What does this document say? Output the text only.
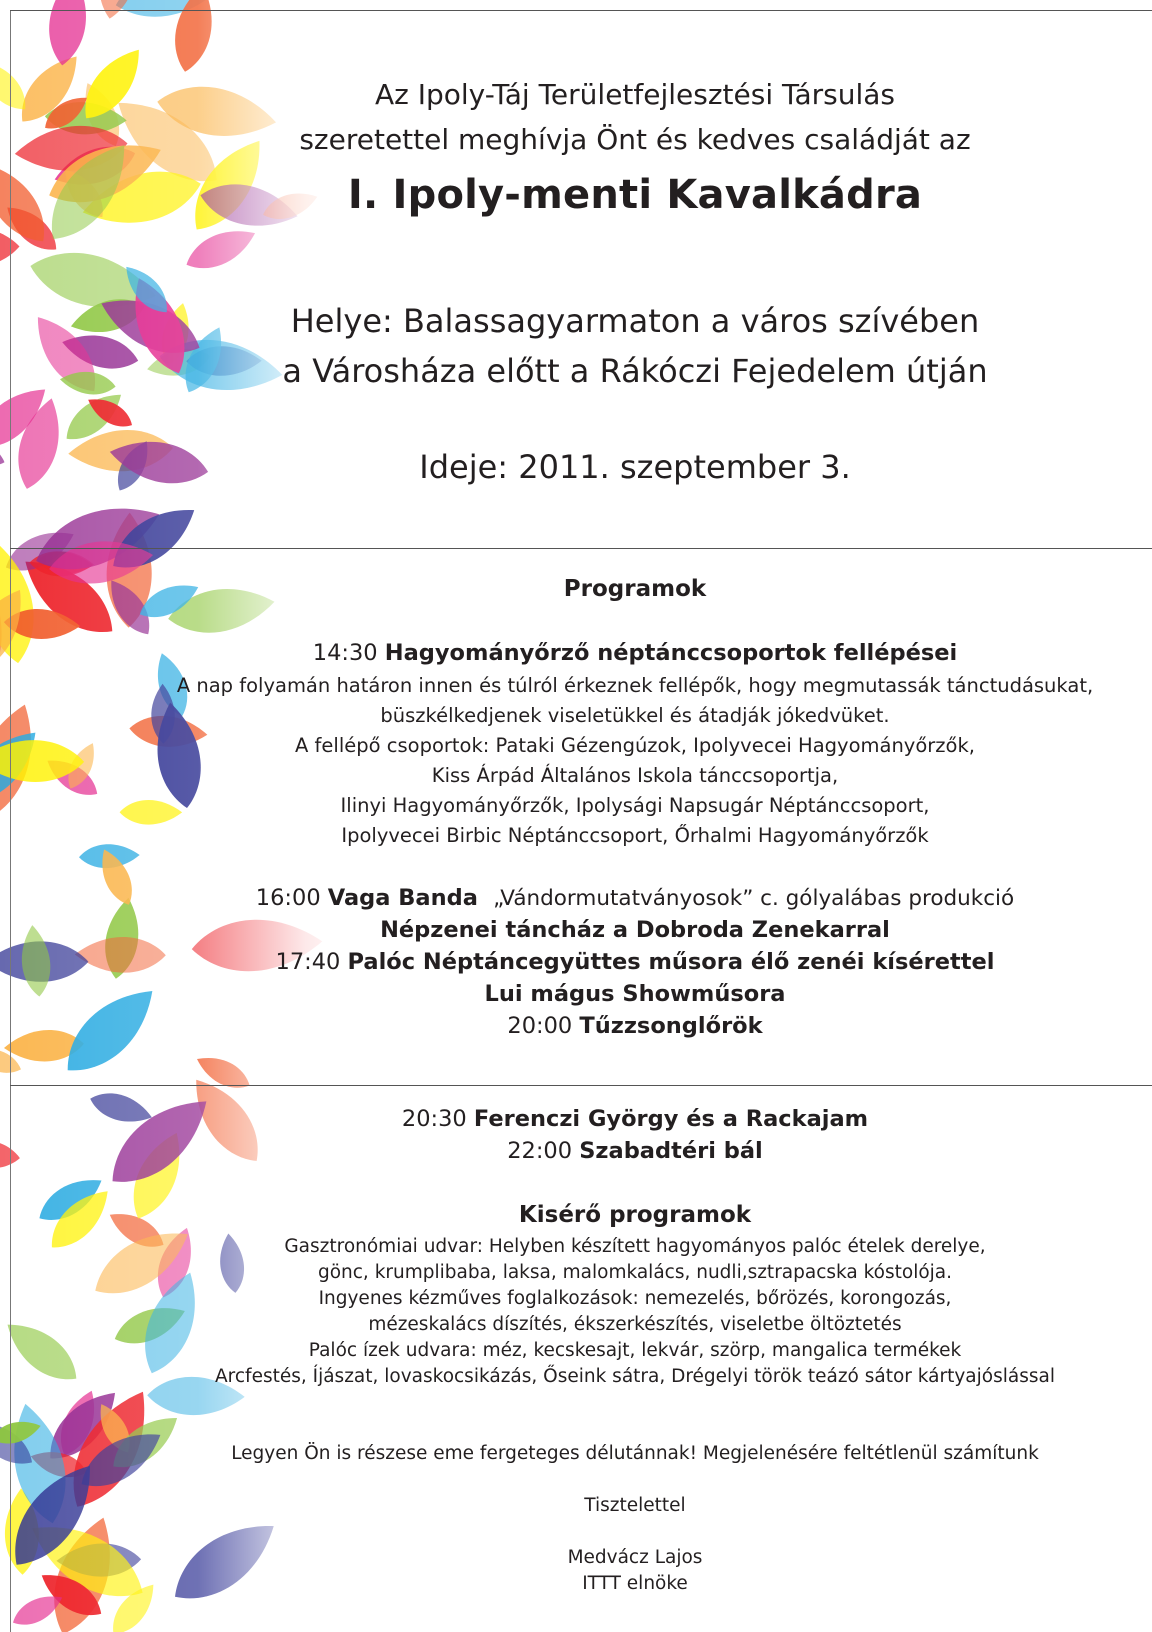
Az Ipoly-Táj Területfejlesztési Társulás
szeretettel meghívja Önt és kedves családját az
I. Ipoly-menti Kavalkádra
Helye: Balassagyarmaton a város szívében
a Városháza előtt a Rákóczi Fejedelem útján
Ideje: 2011. szeptember 3.
Programok
14:30 Hagyományőrző néptánccsoportok fellépései
A nap folyamán határon innen és túlról érkeznek fellépők, hogy megmutassák tánctudásukat,
büszkélkedjenek viseletükkel és átadják jókedvüket.
A fellépő csoportok: Pataki Gézengúzok, Ipolyvecei Hagyományőrzők,
Kiss Árpád Általános Iskola tánccsoportja,
Ilinyi Hagyományőrzők, Ipolysági Napsugár Néptánccsoport,
Ipolyvecei Birbic Néptánccsoport, Őrhalmi Hagyományőrzők
16:00 Vaga Banda „Vándormutatványosok” c. gólyalábas produkció
Népzenei táncház a Dobroda Zenekarral
17:40 Palóc Néptáncegyüttes műsora élő zenéi kísérettel
Lui mágus Showműsora
20:00 Tűzzsonglőrök
20:30 Ferenczi György és a Rackajam
22:00 Szabadtéri bál
Kisérő programok
Gasztronómiai udvar: Helyben készített hagyományos palóc ételek derelye,
gönc, krumplibaba, laksa, malomkalács, nudli,sztrapacska kóstolója.
Ingyenes kézműves foglalkozások: nemezelés, bőrözés, korongozás,
mézeskalács díszítés, ékszerkészítés, viseletbe öltöztetés
Palóc ízek udvara: méz, kecskesajt, lekvár, szörp, mangalica termékek
Arcfestés, Íjászat, lovaskocsikázás, Őseink sátra, Drégelyi török teázó sátor kártyajóslással
Legyen Ön is részese eme fergeteges délutánnak! Megjelenésére feltétlenül számítunk
Tisztelettel
Medvácz Lajos
ITTT elnöke
